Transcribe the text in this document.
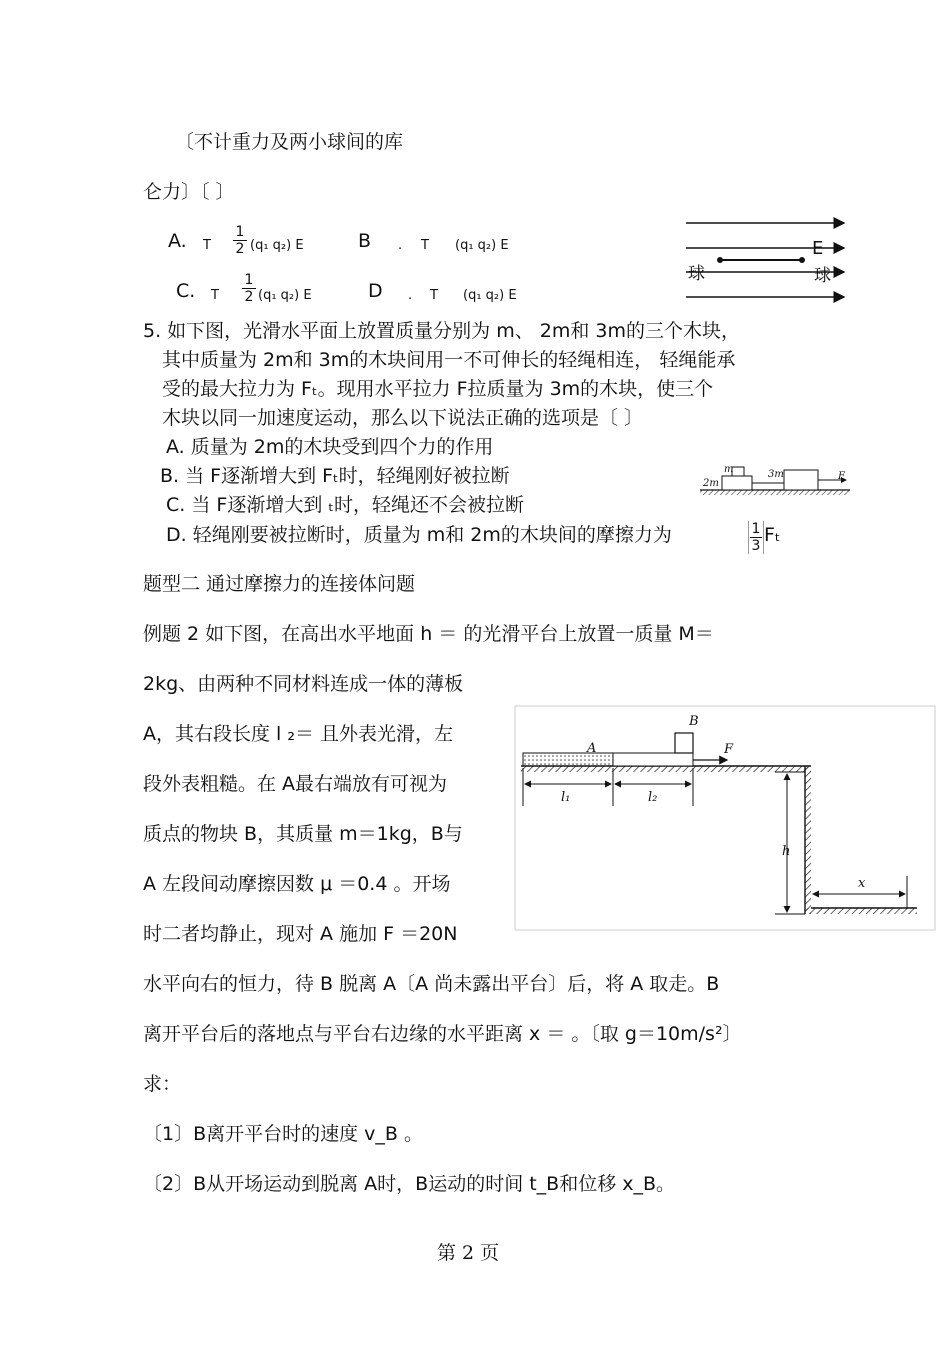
〔不计重力及两小球间的库
仑力〕〔 〕
A. T $\frac{1}{2} (q_1$ q₂) E	B . T (q₁ q₂) E
C. T $\frac{1}{2} (q_1$ q₂) E	D . T (q₁ q₂) E
E
球	球
5. 如下图，光滑水平面上放置质量分别为 m、 2m和 3m的三个木块，
其中质量为 2m和 3m的木块间用一不可伸长的轻绳相连， 轻绳能承
受的最大拉力为 Fₜ。现用水平拉力 F拉质量为 3m的木块，使三个
木块以同一加速度运动，那么以下说法正确的选项是〔 〕
A. 质量为 2m的木块受到四个力的作用
B. 当 F逐渐增大到 Fₜ时，轻绳刚好被拉断
C. 当 F逐渐增大到 ₜ时，轻绳还不会被拉断
D. 轻绳刚要被拉断时，质量为 m和 2m的木块间的摩擦力为	$\frac{1}{3}$ Fₜ
m
2m
3m	F
题型二 通过摩擦力的连接体问题
例题 2 如下图，在高出水平地面 h ＝ 的光滑平台上放置一质量 M＝
2kg、由两种不同材料连成一体的薄板
A，其右段长度 l ₂＝ 且外表光滑，左
段外表粗糙。在 A最右端放有可视为
质点的物块 B，其质量 m＝1kg，B与
A 左段间动摩擦因数 μ ＝0.4 。开场
时二者均静止，现对 A 施加 F ＝20N
水平向右的恒力，待 B 脱离 A〔A 尚未露出平台〕后，将 A 取走。B
离开平台后的落地点与平台右边缘的水平距离 x ＝ 。〔取 g＝10m/s²〕
求：
〔1〕B离开平台时的速度 v_B 。
〔2〕B从开场运动到脱离 A时，B运动的时间 t_B和位移 x_B。
A
B
F
l₁	l₂
h
x
第 2 页
